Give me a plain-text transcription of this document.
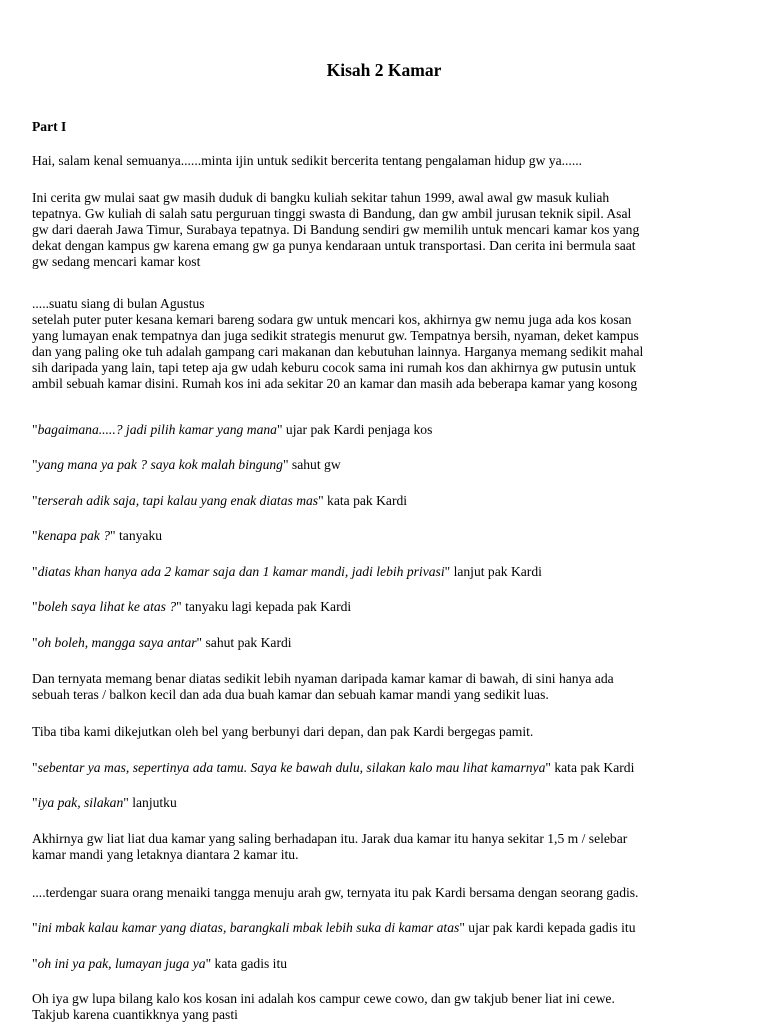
Kisah 2 Kamar
Part I
Hai, salam kenal semuanya......minta ijin untuk sedikit bercerita tentang pengalaman hidup gw ya......
Ini cerita gw mulai saat gw masih duduk di bangku kuliah sekitar tahun 1999, awal awal gw masuk kuliah
tepatnya. Gw kuliah di salah satu perguruan tinggi swasta di Bandung, dan gw ambil jurusan teknik sipil. Asal
gw dari daerah Jawa Timur, Surabaya tepatnya. Di Bandung sendiri gw memilih untuk mencari kamar kos yang
dekat dengan kampus gw karena emang gw ga punya kendaraan untuk transportasi. Dan cerita ini bermula saat
gw sedang mencari kamar kost
.....suatu siang di bulan Agustus
setelah puter puter kesana kemari bareng sodara gw untuk mencari kos, akhirnya gw nemu juga ada kos kosan
yang lumayan enak tempatnya dan juga sedikit strategis menurut gw. Tempatnya bersih, nyaman, deket kampus
dan yang paling oke tuh adalah gampang cari makanan dan kebutuhan lainnya. Harganya memang sedikit mahal
sih daripada yang lain, tapi tetep aja gw udah keburu cocok sama ini rumah kos dan akhirnya gw putusin untuk
ambil sebuah kamar disini. Rumah kos ini ada sekitar 20 an kamar dan masih ada beberapa kamar yang kosong
"bagaimana.....? jadi pilih kamar yang mana" ujar pak Kardi penjaga kos
"yang mana ya pak ? saya kok malah bingung" sahut gw
"terserah adik saja, tapi kalau yang enak diatas mas" kata pak Kardi
"kenapa pak ?" tanyaku
"diatas khan hanya ada 2 kamar saja dan 1 kamar mandi, jadi lebih privasi" lanjut pak Kardi
"boleh saya lihat ke atas ?" tanyaku lagi kepada pak Kardi
"oh boleh, mangga saya antar" sahut pak Kardi
Dan ternyata memang benar diatas sedikit lebih nyaman daripada kamar kamar di bawah, di sini hanya ada
sebuah teras / balkon kecil dan ada dua buah kamar dan sebuah kamar mandi yang sedikit luas.
Tiba tiba kami dikejutkan oleh bel yang berbunyi dari depan, dan pak Kardi bergegas pamit.
"sebentar ya mas, sepertinya ada tamu. Saya ke bawah dulu, silakan kalo mau lihat kamarnya" kata pak Kardi
"iya pak, silakan" lanjutku
Akhirnya gw liat liat dua kamar yang saling berhadapan itu. Jarak dua kamar itu hanya sekitar 1,5 m / selebar
kamar mandi yang letaknya diantara 2 kamar itu.
....terdengar suara orang menaiki tangga menuju arah gw, ternyata itu pak Kardi bersama dengan seorang gadis.
"ini mbak kalau kamar yang diatas, barangkali mbak lebih suka di kamar atas" ujar pak kardi kepada gadis itu
"oh ini ya pak, lumayan juga ya" kata gadis itu
Oh iya gw lupa bilang kalo kos kosan ini adalah kos campur cewe cowo, dan gw takjub bener liat ini cewe.
Takjub karena cuantikknya yang pasti
